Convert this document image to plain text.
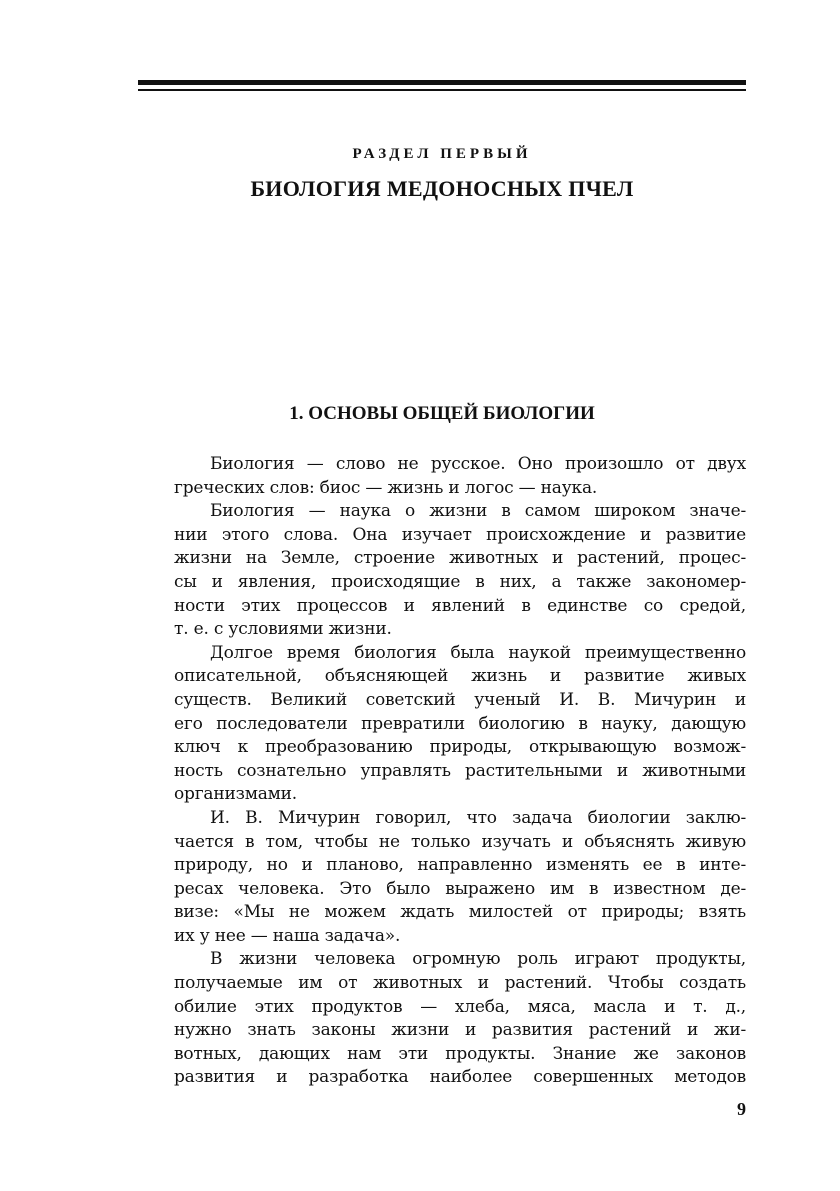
РАЗДЕЛ ПЕРВЫЙ
БИОЛОГИЯ МЕДОНОСНЫХ ПЧЕЛ
1. ОСНОВЫ ОБЩЕЙ БИОЛОГИИ

Биология — слово не русское. Оно произошло от двух
греческих слов: биос — жизнь и логос — наука.

Биология — наука о жизни в самом широком значе-
нии этого слова. Она изучает происхождение и развитие
жизни на Земле, строение животных и растений, процес-
сы и явления, происходящие в них, а также закономер-
ности этих процессов и явлений в единстве со средой,
т. е. с условиями жизни.

Долгое время биология была наукой преимущественно
описательной, объясняющей жизнь и развитие живых
существ. Великий советский ученый И. В. Мичурин и
его последователи превратили биологию в науку, дающую
ключ к преобразованию природы, открывающую возмож-
ность сознательно управлять растительными и животными
организмами.

И. В. Мичурин говорил, что задача биологии заклю-
чается в том, чтобы не только изучать и объяснять живую
природу, но и планово, направленно изменять ее в инте-
ресах человека. Это было выражено им в известном де-
визе: «Мы не можем ждать милостей от природы; взять
их у нее — наша задача».

В жизни человека огромную роль играют продукты,
получаемые им от животных и растений. Чтобы создать
обилие этих продуктов — хлеба, мяса, масла и т. д.,
нужно знать законы жизни и развития растений и жи-
вотных, дающих нам эти продукты. Знание же законов
развития и разработка наиболее совершенных методов

9
